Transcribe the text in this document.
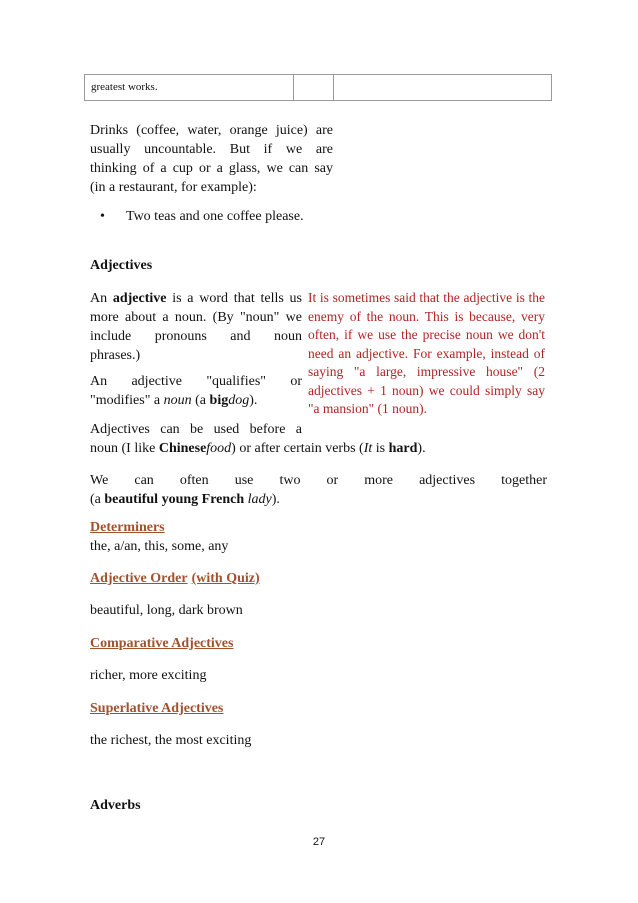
greatest works.
Drinks (coffee, water, orange juice) are
usually uncountable. But if we are
thinking of a cup or a glass, we can say
(in a restaurant, for example):
• Two teas and one coffee please.
Adjectives
An adjective is a word that tells us
more about a noun. (By "noun" we
include pronouns and noun
phrases.)
An adjective "qualifies" or
"modifies" a noun (a bigdog).
It is sometimes said that the adjective is the enemy of the noun. This is because, very often, if we use the precise noun we don't need an adjective. For example, instead of saying "a large, impressive house" (2 adjectives + 1 noun) we could simply say "a mansion" (1 noun).
Adjectives can be used before a
noun (I like Chinesefood) or after certain verbs (It is hard).
We can often use two or more adjectives together
(a beautiful young French lady).
Determiners
the, a/an, this, some, any
Adjective Order (with Quiz)
beautiful, long, dark brown
Comparative Adjectives
richer, more exciting
Superlative Adjectives
the richest, the most exciting
Adverbs
27
